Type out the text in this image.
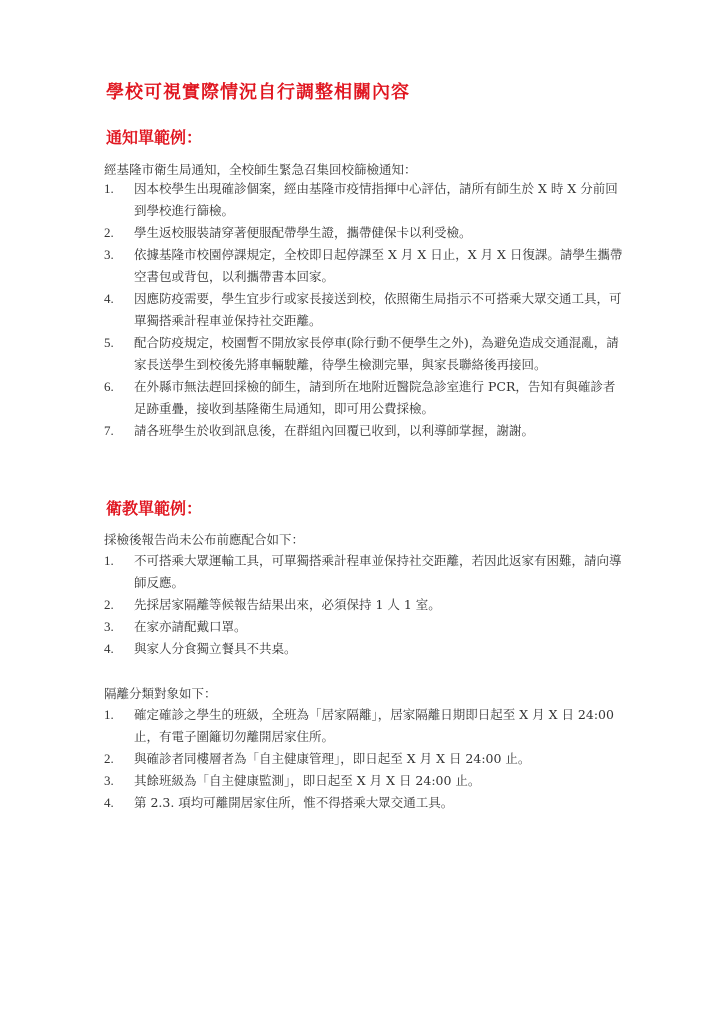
學校可視實際情況自行調整相關內容
通知單範例：
經基隆市衛生局通知，全校師生緊急召集回校篩檢通知：
1. 因本校學生出現確診個案，經由基隆市疫情指揮中心評估，請所有師生於 X 時 X 分前回到學校進行篩檢。
2. 學生返校服裝請穿著便服配帶學生證，攜帶健保卡以利受檢。
3. 依據基隆市校園停課規定，全校即日起停課至 X 月 X 日止，X 月 X 日復課。請學生攜帶空書包或背包，以利攜帶書本回家。
4. 因應防疫需要，學生宜步行或家長接送到校，依照衛生局指示不可搭乘大眾交通工具，可單獨搭乘計程車並保持社交距離。
5. 配合防疫規定，校園暫不開放家長停車(除行動不便學生之外)，為避免造成交通混亂，請家長送學生到校後先將車輛駛離，待學生檢測完畢，與家長聯絡後再接回。
6. 在外縣市無法趕回採檢的師生，請到所在地附近醫院急診室進行 PCR，告知有與確診者足跡重疊，接收到基隆衛生局通知，即可用公費採檢。
7. 請各班學生於收到訊息後，在群組內回覆已收到，以利導師掌握，謝謝。
衛教單範例：
採檢後報告尚未公布前應配合如下：
1. 不可搭乘大眾運輸工具，可單獨搭乘計程車並保持社交距離，若因此返家有困難，請向導師反應。
2. 先採居家隔離等候報告結果出來，必須保持 1 人 1 室。
3. 在家亦請配戴口罩。
4. 與家人分食獨立餐具不共桌。
隔離分類對象如下：
1. 確定確診之學生的班級，全班為「居家隔離」，居家隔離日期即日起至 X 月 X 日 24:00 止，有電子圍籬切勿離開居家住所。
2. 與確診者同樓層者為「自主健康管理」，即日起至 X 月 X 日 24:00 止。
3. 其餘班級為「自主健康監測」，即日起至 X 月 X 日 24:00 止。
4. 第 2.3. 項均可離開居家住所，惟不得搭乘大眾交通工具。
